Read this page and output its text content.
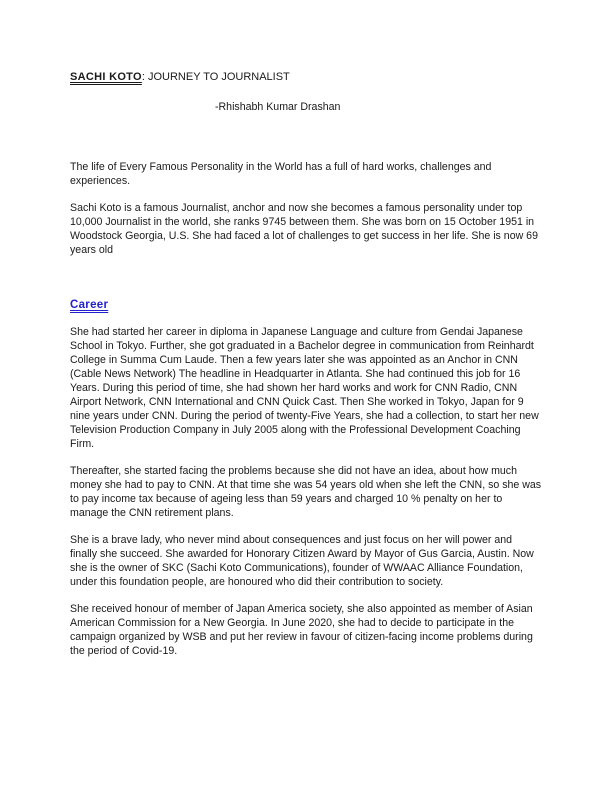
SACHI KOTO: JOURNEY TO JOURNALIST
-Rhishabh Kumar Drashan

The life of Every Famous Personality in the World has a full of hard works, challenges and experiences.

Sachi Koto is a famous Journalist, anchor and now she becomes a famous personality under top 10,000 Journalist in the world, she ranks 9745 between them. She was born on 15 October 1951 in Woodstock Georgia, U.S. She had faced a lot of challenges to get success in her life. She is now 69 years old

Career

She had started her career in diploma in Japanese Language and culture from Gendai Japanese School in Tokyo. Further, she got graduated in a Bachelor degree in communication from Reinhardt College in Summa Cum Laude. Then a few years later she was appointed as an Anchor in CNN (Cable News Network) The headline in Headquarter in Atlanta. She had continued this job for 16 Years. During this period of time, she had shown her hard works and work for CNN Radio, CNN Airport Network, CNN International and CNN Quick Cast. Then She worked in Tokyo, Japan for 9 nine years under CNN. During the period of twenty-Five Years, she had a collection, to start her new Television Production Company in July 2005 along with the Professional Development Coaching Firm.

Thereafter, she started facing the problems because she did not have an idea, about how much money she had to pay to CNN. At that time she was 54 years old when she left the CNN, so she was to pay income tax because of ageing less than 59 years and charged 10 % penalty on her to manage the CNN retirement plans.

She is a brave lady, who never mind about consequences and just focus on her will power and finally she succeed. She awarded for Honorary Citizen Award by Mayor of Gus Garcia, Austin. Now she is the owner of SKC (Sachi Koto Communications), founder of WWAAC Alliance Foundation, under this foundation people, are honoured who did their contribution to society.

She received honour of member of Japan America society, she also appointed as member of Asian American Commission for a New Georgia. In June 2020, she had to decide to participate in the campaign organized by WSB and put her review in favour of citizen-facing income problems during the period of Covid-19.
